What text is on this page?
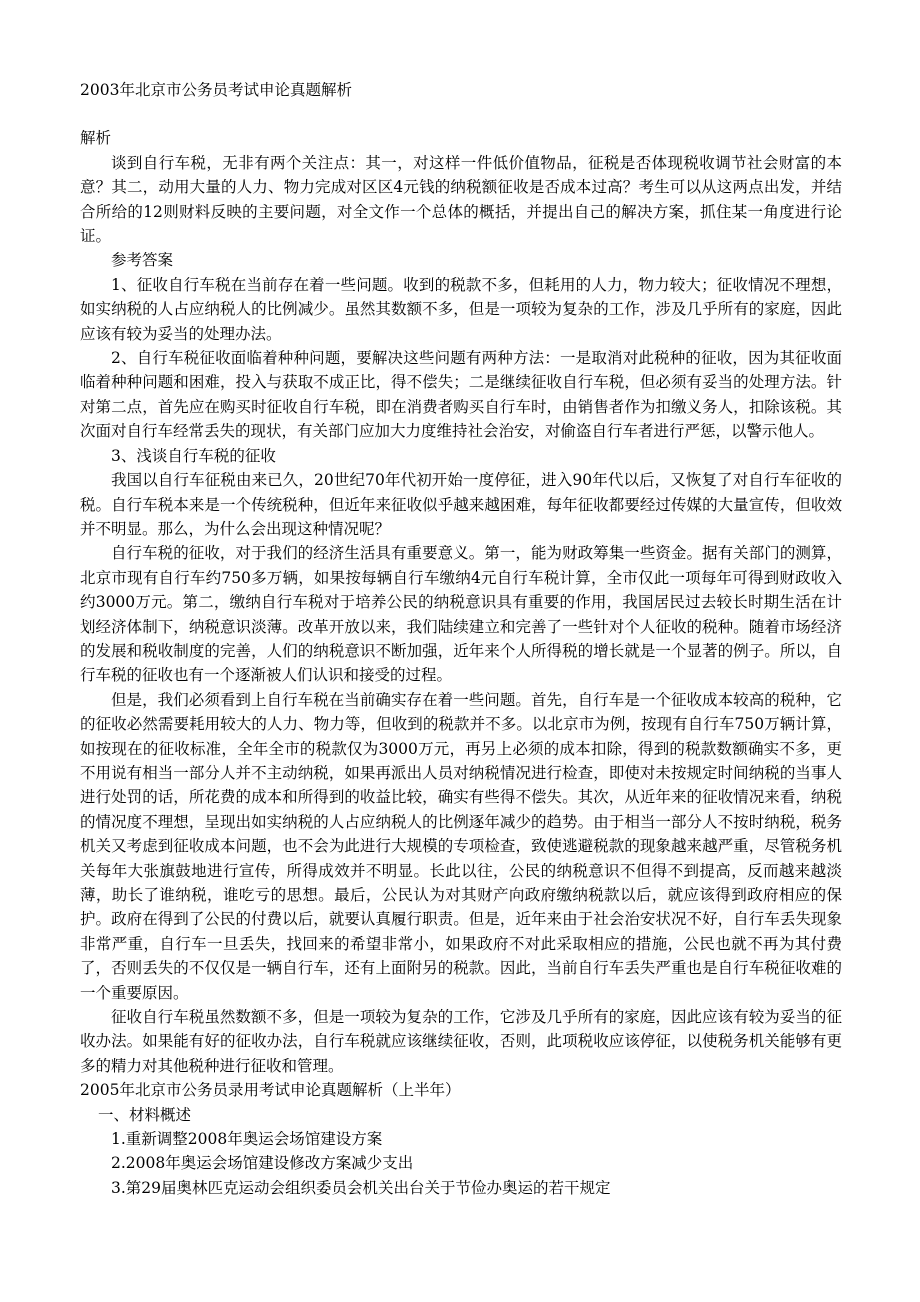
2003年北京市公务员考试申论真题解析

解析

谈到自行车税，无非有两个关注点：其一，对这样一件低价值物品，征税是否体现税收调节社会财富的本意？其二，动用大量的人力、物力完成对区区4元钱的纳税额征收是否成本过高？考生可以从这两点出发，并结合所给的12则财料反映的主要问题，对全文作一个总体的概括，并提出自己的解决方案，抓住某一角度进行论证。

参考答案

1、征收自行车税在当前存在着一些问题。收到的税款不多，但耗用的人力，物力较大；征收情况不理想，如实纳税的人占应纳税人的比例减少。虽然其数额不多，但是一项较为复杂的工作，涉及几乎所有的家庭，因此应该有较为妥当的处理办法。

2、自行车税征收面临着种种问题，要解决这些问题有两种方法：一是取消对此税种的征收，因为其征收面临着种种问题和困难，投入与获取不成正比，得不偿失；二是继续征收自行车税，但必须有妥当的处理方法。针对第二点，首先应在购买时征收自行车税，即在消费者购买自行车时，由销售者作为扣缴义务人，扣除该税。其次面对自行车经常丢失的现状，有关部门应加大力度维持社会治安，对偷盗自行车者进行严惩，以警示他人。

3、浅谈自行车税的征收

我国以自行车征税由来已久，20世纪70年代初开始一度停征，进入90年代以后，又恢复了对自行车征收的税。自行车税本来是一个传统税种，但近年来征收似乎越来越困难，每年征收都要经过传媒的大量宣传，但收效并不明显。那么，为什么会出现这种情况呢？

自行车税的征收，对于我们的经济生活具有重要意义。第一，能为财政筹集一些资金。据有关部门的测算，北京市现有自行车约750多万辆，如果按每辆自行车缴纳4元自行车税计算，全市仅此一项每年可得到财政收入约3000万元。第二，缴纳自行车税对于培养公民的纳税意识具有重要的作用，我国居民过去较长时期生活在计划经济体制下，纳税意识淡薄。改革开放以来，我们陆续建立和完善了一些针对个人征收的税种。随着市场经济的发展和税收制度的完善，人们的纳税意识不断加强，近年来个人所得税的增长就是一个显著的例子。所以，自行车税的征收也有一个逐渐被人们认识和接受的过程。

但是，我们必须看到上自行车税在当前确实存在着一些问题。首先，自行车是一个征收成本较高的税种，它的征收必然需要耗用较大的人力、物力等，但收到的税款并不多。以北京市为例，按现有自行车750万辆计算，如按现在的征收标准，全年全市的税款仅为3000万元，再另上必须的成本扣除，得到的税款数额确实不多，更不用说有相当一部分人并不主动纳税，如果再派出人员对纳税情况进行检查，即使对未按规定时间纳税的当事人进行处罚的话，所花费的成本和所得到的收益比较，确实有些得不偿失。其次，从近年来的征收情况来看，纳税的情况度不理想，呈现出如实纳税的人占应纳税人的比例逐年减少的趋势。由于相当一部分人不按时纳税，税务机关又考虑到征收成本问题，也不会为此进行大规模的专项检查，致使逃避税款的现象越来越严重，尽管税务机关每年大张旗鼓地进行宣传，所得成效并不明显。长此以往，公民的纳税意识不但得不到提高，反而越来越淡薄，助长了谁纳税，谁吃亏的思想。最后，公民认为对其财产向政府缴纳税款以后，就应该得到政府相应的保护。政府在得到了公民的付费以后，就要认真履行职责。但是，近年来由于社会治安状况不好，自行车丢失现象非常严重，自行车一旦丢失，找回来的希望非常小，如果政府不对此采取相应的措施，公民也就不再为其付费了，否则丢失的不仅仅是一辆自行车，还有上面附另的税款。因此，当前自行车丢失严重也是自行车税征收难的一个重要原因。

征收自行车税虽然数额不多，但是一项较为复杂的工作，它涉及几乎所有的家庭，因此应该有较为妥当的征收办法。如果能有好的征收办法，自行车税就应该继续征收，否则，此项税收应该停征，以使税务机关能够有更多的精力对其他税种进行征收和管理。

2005年北京市公务员录用考试申论真题解析（上半年）

一、材料概述

1.重新调整2008年奥运会场馆建设方案

2.2008年奥运会场馆建设修改方案减少支出

3.第29届奥林匹克运动会组织委员会机关出台关于节俭办奥运的若干规定
